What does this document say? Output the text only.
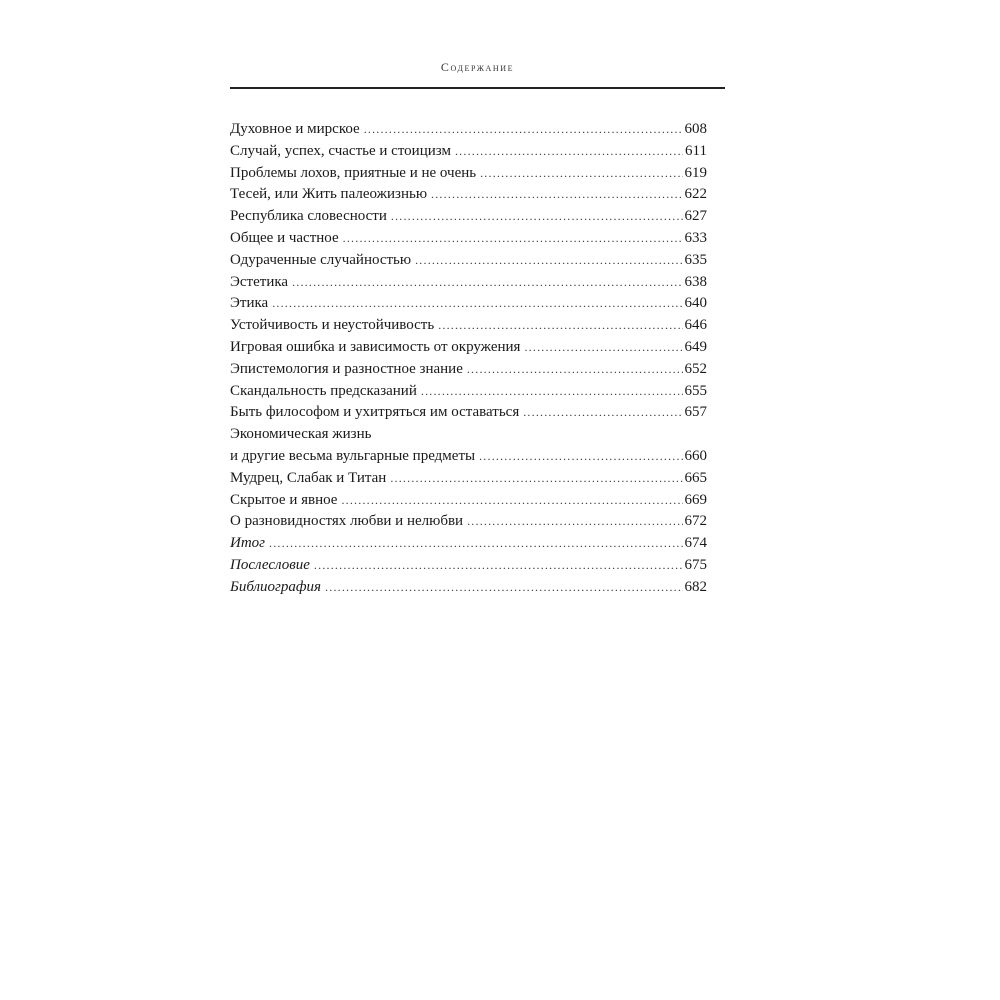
Содержание
Духовное и мирское .....	608
Случай, успех, счастье и стоицизм .....	611
Проблемы лохов, приятные и не очень .....	619
Тесей, или Жить палеожизнью .....	622
Республика словесности .....	627
Общее и частное .....	633
Одураченные случайностью .....	635
Эстетика .....	638
Этика .....	640
Устойчивость и неустойчивость .....	646
Игровая ошибка и зависимость от окружения .....	649
Эпистемология и разностное знание .....	652
Скандальность предсказаний .....	655
Быть философом и ухитряться им оставаться .....	657
Экономическая жизнь
и другие весьма вульгарные предметы .....	660
Мудрец, Слабак и Титан .....	665
Скрытое и явное .....	669
О разновидностях любви и нелюбви .....	672
Итог .....	674
Послесловие .....	675
Библиография .....	682
